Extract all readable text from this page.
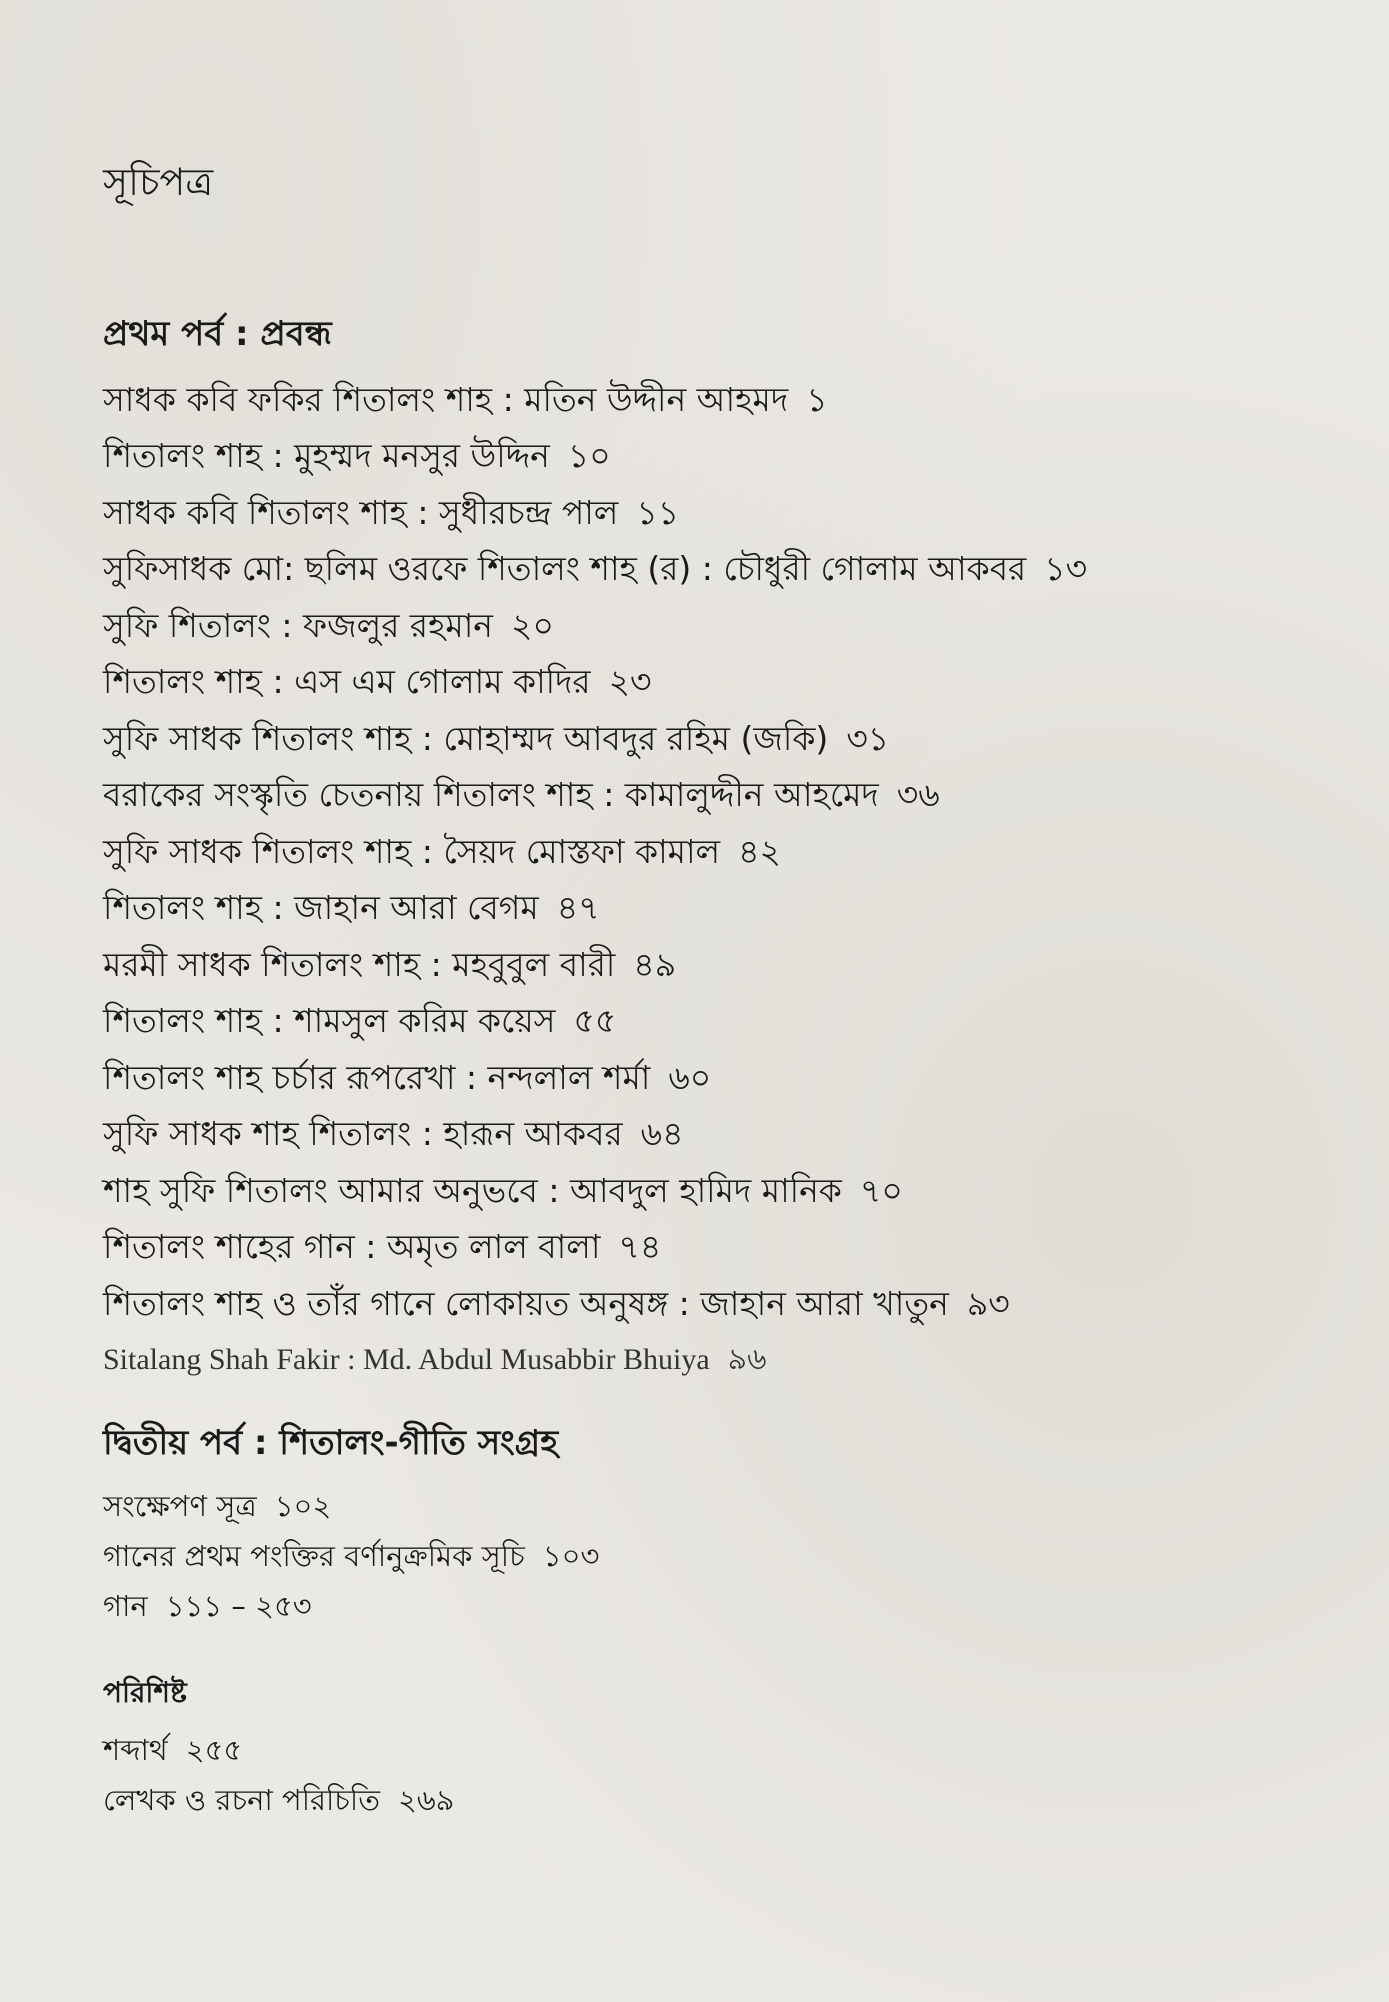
সূচিপত্র
প্রথম পর্ব : প্রবন্ধ
সাধক কবি ফকির শিতালং শাহ : মতিন উদ্দীন আহমদ ১
শিতালং শাহ : মুহম্মদ মনসুর উদ্দিন ১০
সাধক কবি শিতালং শাহ : সুধীরচন্দ্র পাল ১১
সুফিসাধক মো: ছলিম ওরফে শিতালং শাহ (র) : চৌধুরী গোলাম আকবর ১৩
সুফি শিতালং : ফজলুর রহমান ২০
শিতালং শাহ : এস এম গোলাম কাদির ২৩
সুফি সাধক শিতালং শাহ : মোহাম্মদ আবদুর রহিম (জকি) ৩১
বরাকের সংস্কৃতি চেতনায় শিতালং শাহ : কামালুদ্দীন আহমেদ ৩৬
সুফি সাধক শিতালং শাহ : সৈয়দ মোস্তফা কামাল ৪২
শিতালং শাহ : জাহান আরা বেগম ৪৭
মরমী সাধক শিতালং শাহ : মহবুবুল বারী ৪৯
শিতালং শাহ : শামসুল করিম কয়েস ৫৫
শিতালং শাহ চর্চার রূপরেখা : নন্দলাল শর্মা ৬০
সুফি সাধক শাহ শিতালং : হারূন আকবর ৬৪
শাহ সুফি শিতালং আমার অনুভবে : আবদুল হামিদ মানিক ৭০
শিতালং শাহের গান : অমৃত লাল বালা ৭৪
শিতালং শাহ ও তাঁর গানে লোকায়ত অনুষঙ্গ : জাহান আরা খাতুন ৯৩
Sitalang Shah Fakir : Md. Abdul Musabbir Bhuiya ৯৬
দ্বিতীয় পর্ব : শিতালং-গীতি সংগ্রহ
সংক্ষেপণ সূত্র ১০২
গানের প্রথম পংক্তির বর্ণানুক্রমিক সূচি ১০৩
গান ১১১ – ২৫৩
পরিশিষ্ট
শব্দার্থ ২৫৫
লেখক ও রচনা পরিচিতি ২৬৯
